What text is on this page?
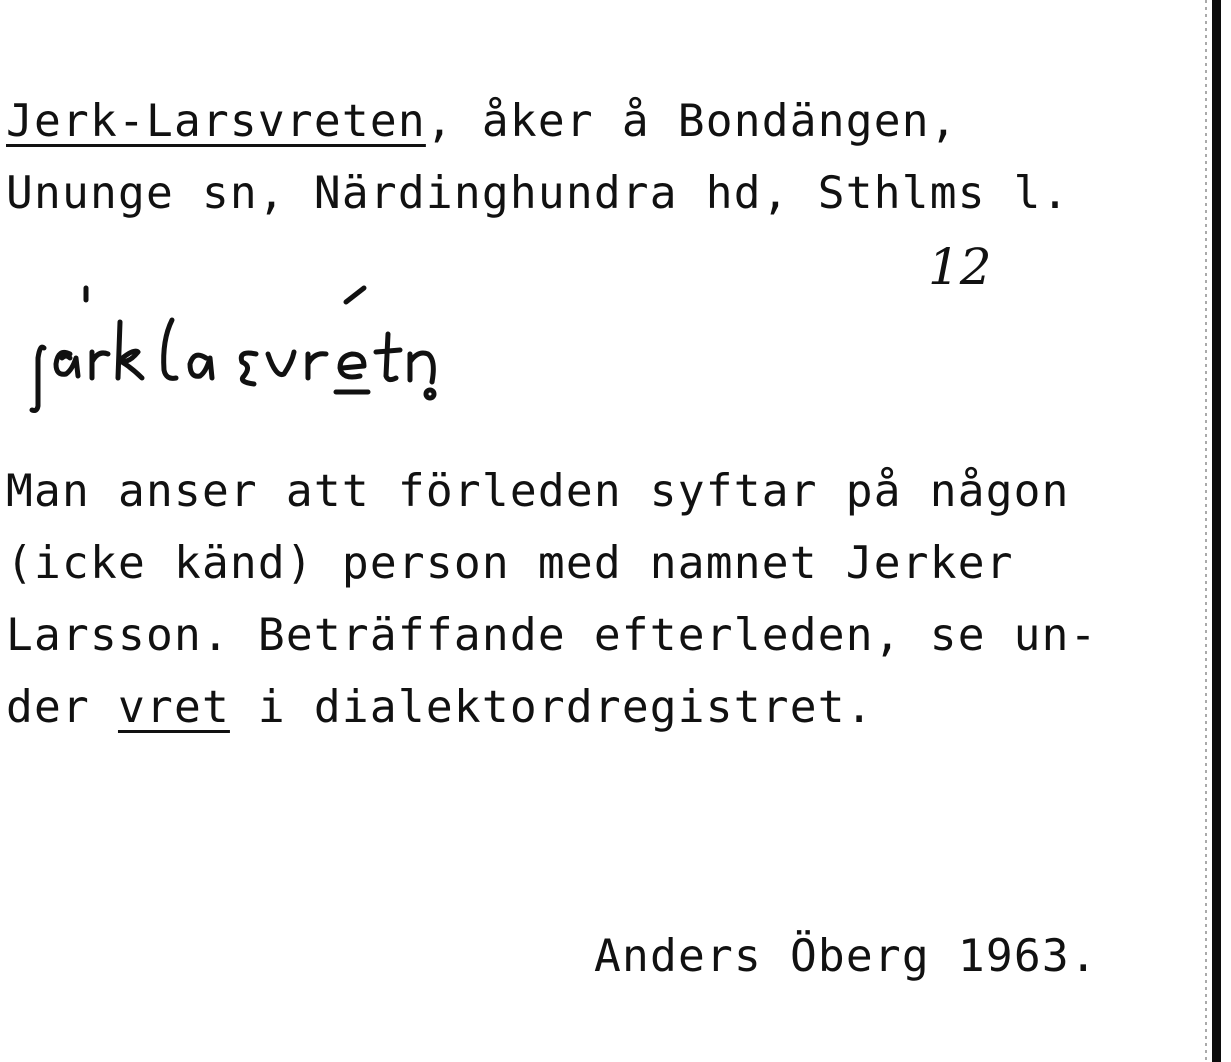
Jerk-Larsvreten, åker å Bondängen,
Ununge sn, Närdinghundra hd, Sthlms l.

12
jårklasvretn

Man anser att förleden syftar på någon
(icke känd) person med namnet Jerker
Larsson. Beträffande efterleden, se un-
der vret i dialektordregistret.

Anders Öberg 1963.
